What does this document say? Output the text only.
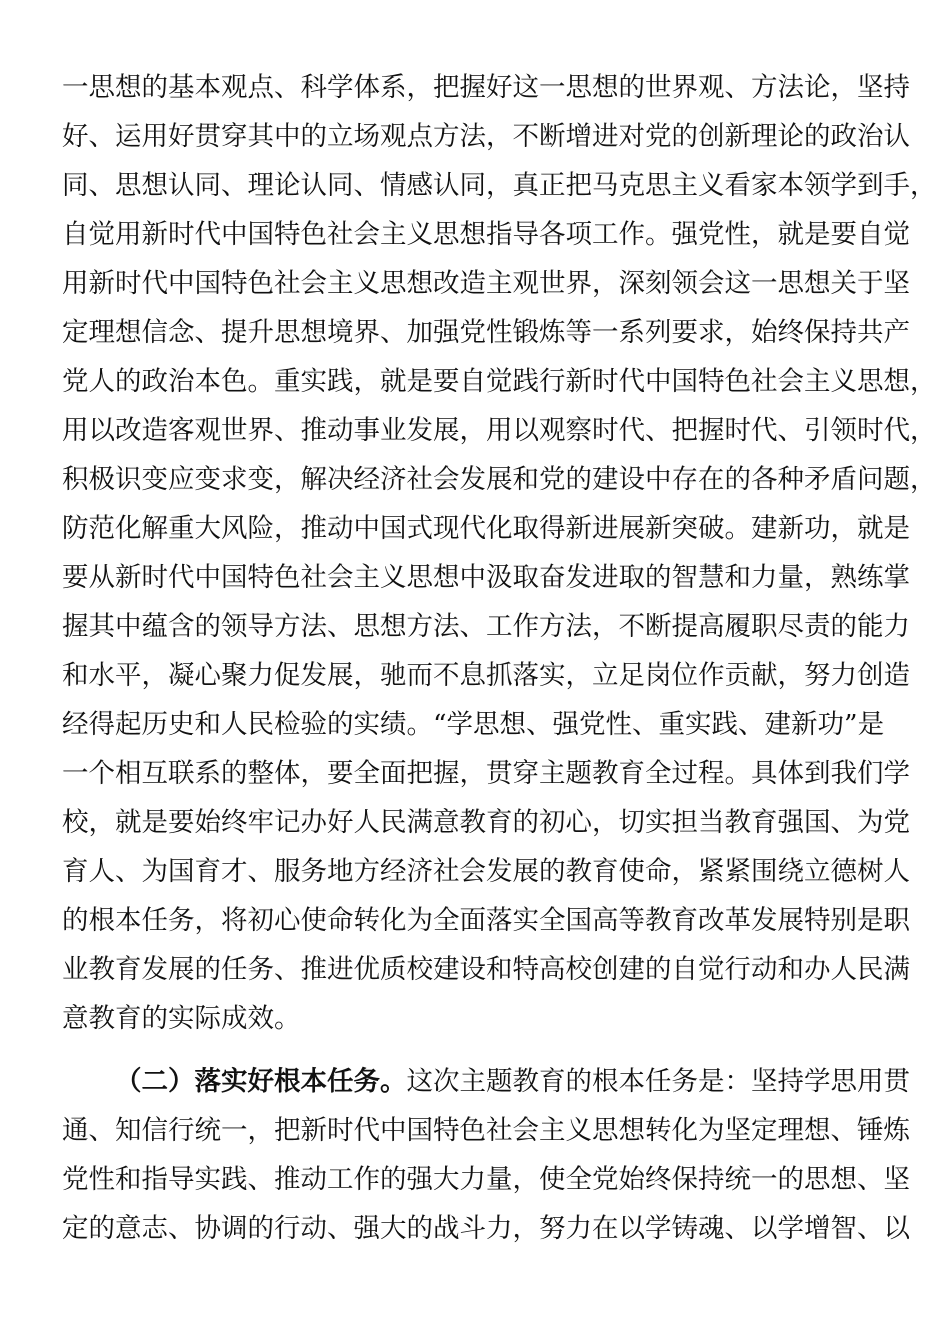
一思想的基本观点、科学体系，把握好这一思想的世界观、方法论，坚持
好、运用好贯穿其中的立场观点方法，不断增进对党的创新理论的政治认
同、思想认同、理论认同、情感认同，真正把马克思主义看家本领学到手，
自觉用新时代中国特色社会主义思想指导各项工作。强党性，就是要自觉
用新时代中国特色社会主义思想改造主观世界，深刻领会这一思想关于坚
定理想信念、提升思想境界、加强党性锻炼等一系列要求，始终保持共产
党人的政治本色。重实践，就是要自觉践行新时代中国特色社会主义思想，
用以改造客观世界、推动事业发展，用以观察时代、把握时代、引领时代，
积极识变应变求变，解决经济社会发展和党的建设中存在的各种矛盾问题，
防范化解重大风险，推动中国式现代化取得新进展新突破。建新功，就是
要从新时代中国特色社会主义思想中汲取奋发进取的智慧和力量，熟练掌
握其中蕴含的领导方法、思想方法、工作方法，不断提高履职尽责的能力
和水平，凝心聚力促发展，驰而不息抓落实，立足岗位作贡献，努力创造
经得起历史和人民检验的实绩。“学思想、强党性、重实践、建新功”是
一个相互联系的整体，要全面把握，贯穿主题教育全过程。具体到我们学
校，就是要始终牢记办好人民满意教育的初心，切实担当教育强国、为党
育人、为国育才、服务地方经济社会发展的教育使命，紧紧围绕立德树人
的根本任务，将初心使命转化为全面落实全国高等教育改革发展特别是职
业教育发展的任务、推进优质校建设和特高校创建的自觉行动和办人民满
意教育的实际成效。
（二）落实好根本任务。这次主题教育的根本任务是：坚持学思用贯
通、知信行统一，把新时代中国特色社会主义思想转化为坚定理想、锤炼
党性和指导实践、推动工作的强大力量，使全党始终保持统一的思想、坚
定的意志、协调的行动、强大的战斗力，努力在以学铸魂、以学增智、以
